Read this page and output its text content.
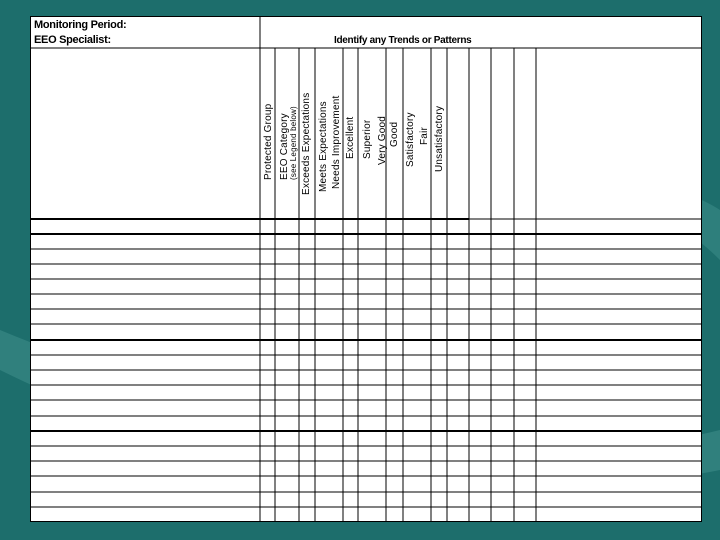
Monitoring Period:
EEO Specialist:	Identify any Trends or Patterns
Protected Group EEO Category (see Legend below) Exceeds Expectations Meets Expectations Needs Improvement Excellent Superior Very Good Good Satisfactory Fair Unsatisfactory
